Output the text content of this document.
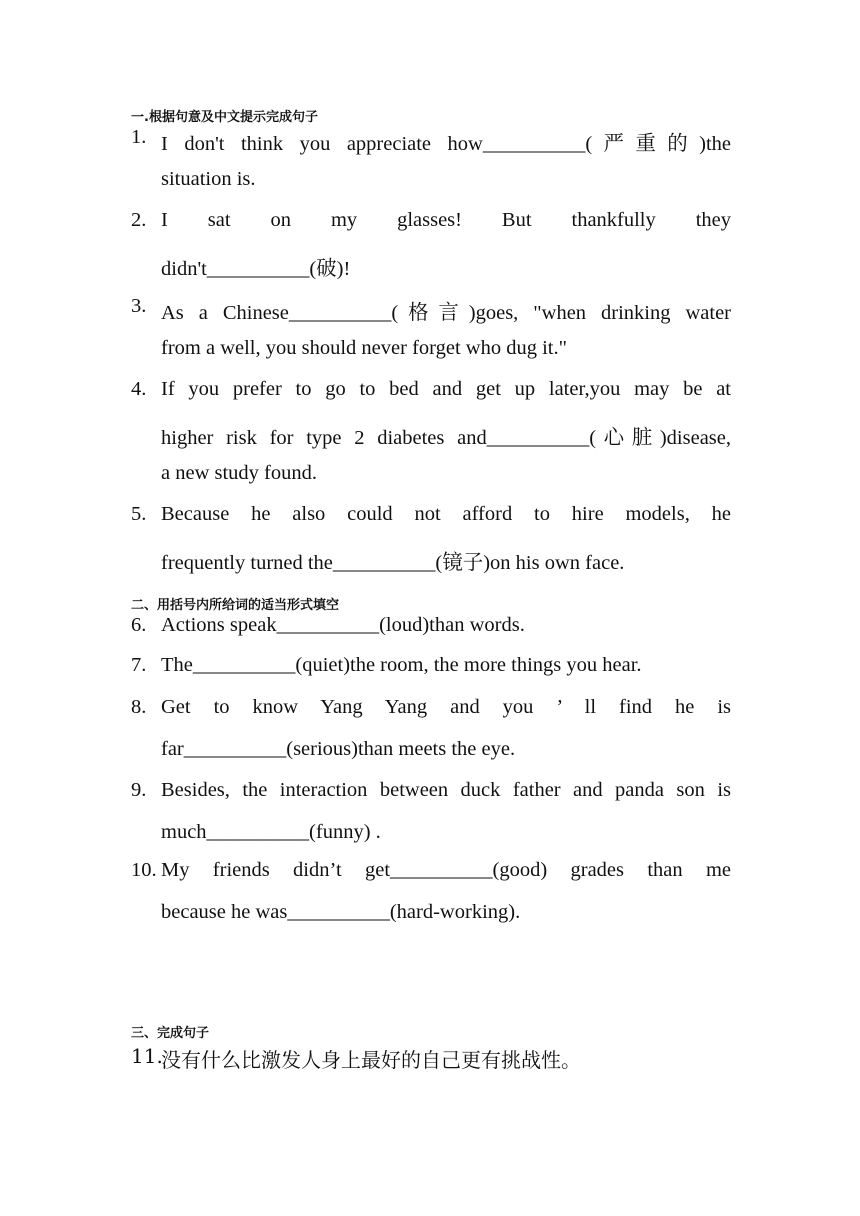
一.根据句意及中文提示完成句子
1. I don't think you appreciate how__________(严重的)the
situation is.
2. I sat on my glasses! But thankfully they
didn't__________(破)!
3. As a Chinese__________(格言)goes, "when drinking water
from a well, you should never forget who dug it."
4. If you prefer to go to bed and get up later,you may be at
higher risk for type 2 diabetes and__________(心脏)disease,
a new study found.
5. Because he also could not afford to hire models, he
frequently turned the__________(镜子)on his own face.
二、用括号内所给词的适当形式填空
6. Actions speak__________(loud)than words.
7. The__________(quiet)the room, the more things you hear.
8. Get to know Yang Yang and you ’ ll find he is
far__________(serious)than meets the eye.
9. Besides, the interaction between duck father and panda son is
much__________(funny) .
10. My friends didn’t get__________(good) grades than me
because he was__________(hard-working).
三、完成句子
11.
没有什么比激发人身上最好的自己更有挑战性。
